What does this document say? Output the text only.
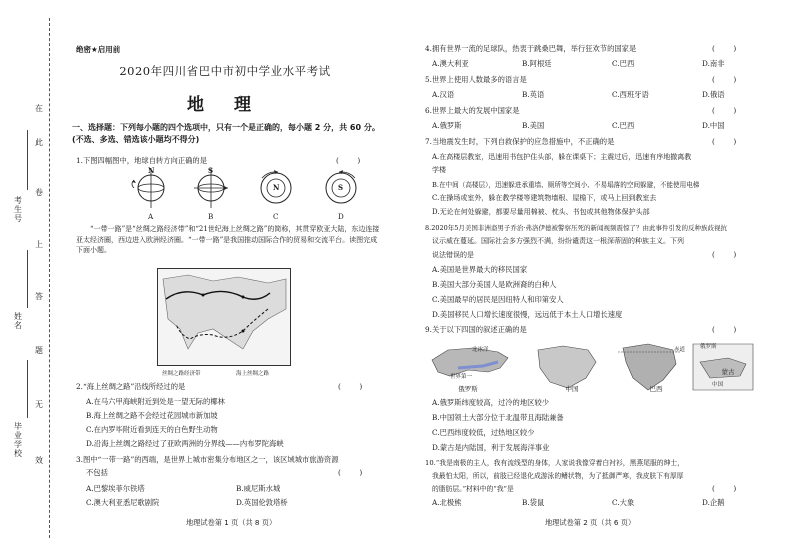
在
此
卷
上
答
题
无
效
考生号
姓名
毕业学校
绝密★启用前
2020年四川省巴中市初中学业水平考试
地 理
一、选择题：下列每小题的四个选项中，只有一个是正确的，每小题 2 分，共 60 分。(不选、多选、错选该小题均不得分)
1.下图四幅图中，地球自转方向正确的是	(        )
N	S
N	S
A	B	C	D
“一带一路”是“丝绸之路经济带”和“21世纪海上丝绸之路”的简称，其贯穿欧亚大陆，东边连接亚太经济圈，西边进入欧洲经济圈。“一带一路”是我国推动国际合作的贸易和交流平台。读图完成下面小题。
丝绸之路经济带	海上丝绸之路
2.“海上丝绸之路”沿线所经过的是	(        )
A.在马六甲海峡附近到处是一望无际的椰林
B.海上丝绸之路不会经过花园城市新加坡
C.在内罗毕附近看到连天的白色野生动物
D.沿海上丝绸之路经过了亚欧两洲的分界线——内布罗陀海峡
3.图中“一带一路”的西端，是世界上城市密集分布地区之一，该区域城市旅游资源
不包括	(        )
A.巴黎埃菲尔铁塔	B.威尼斯水城
C.澳大利亚悉尼歌剧院	D.英国伦敦塔桥
地理试卷第 1 页（共 8 页）
4.拥有世界一流的足球队，热衷于跳桑巴舞，举行狂欢节的国家是	(        )
A.澳大利亚	B.阿根廷	C.巴西	D.南非
5.世界上使用人数最多的语言是	(        )
A.汉语	B.英语	C.西班牙语	D.俄语
6.世界上最大的发展中国家是	(        )
A.俄罗斯	B.美国	C.巴西	D.中国
7.当地震发生时，下列自救保护的应急措施中，不正确的是	(        )
A.在高楼层教室，迅速用书包护住头部，躲在课桌下；主震过后，迅速有序地撤离教
学楼
B.在中间（高楼层），迅速躲进承重墙、厕所等空间小、不易塌落的空间躲避，不能使用电梯
C.在操场或室外，躲在教学楼等建筑物墙根、屋檐下，或马上回到教室去
D.无论在何处躲避，都要尽量用棉被、枕头、书包或其他物体保护头部
8.2020年5月美国非洲裔男子乔治·弗洛伊德被警察压死的新闻视频震惊了？由此事件引发的反种族歧视抗
议示威在蔓延。国际社会多方强烈不满，纷纷谴责这一根深蒂固的种族主义。下列
说法错误的是	(        )
A.美国是世界最大的移民国家
B.美国大部分美国人是欧洲裔的白种人
C.美国最早的居民是因纽特人和印第安人
D.美国移民人口增长速度很慢，远远低于本土人口增长速度
9.关于以下四国的叙述正确的是	(        )
北冰洋
世界第一
赤道	俄罗斯
中国
俄罗斯	中国	巴西
蒙古
A.俄罗斯纬度较高，过冷的地区较少
B.中国领土大部分位于北温带且海陆兼备
C.巴西纬度较低，过热地区较少
D.蒙古是内陆国，利于发展海洋事业
10.“我是南极的主人，我有流线型的身体，人家说我像穿着白衬衫，黑燕尾服的绅士，
我最怕太阳，所以，前肢已经退化成游泳的鳍状物，为了抵御严寒，我皮肤下有厚厚
的脂肪层。”材料中的“我”是	(        )
A.北极熊	B.袋鼠	C.大象	D.企鹅
地理试卷第 2 页（共 6 页）
